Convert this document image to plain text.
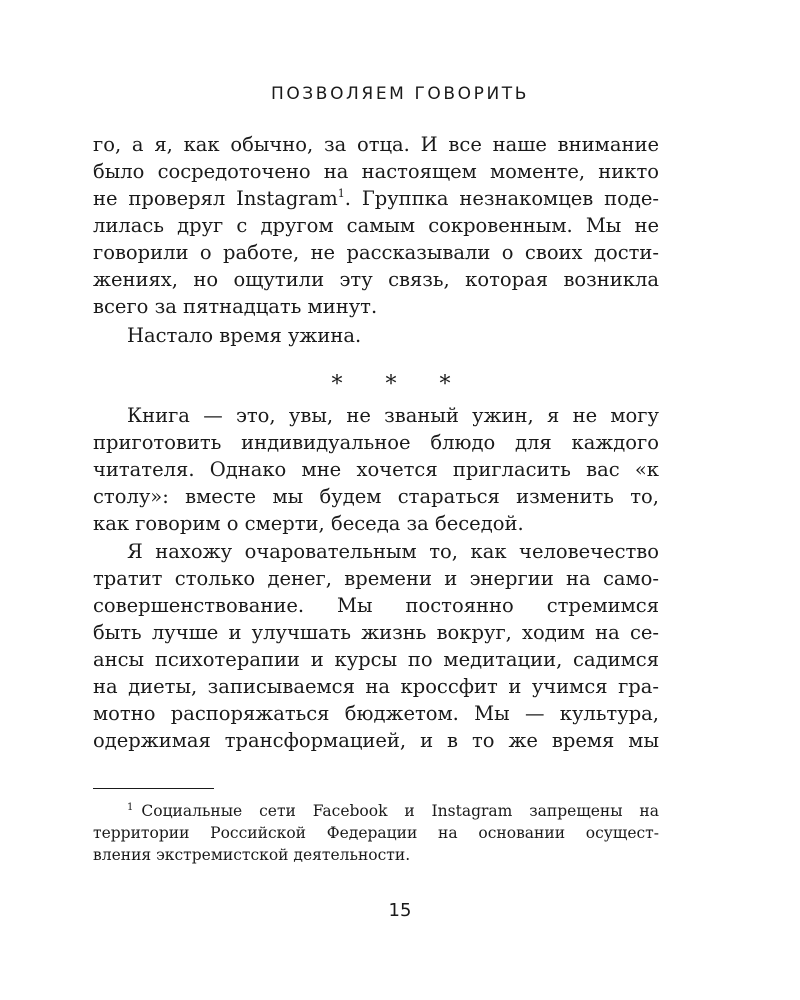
ПОЗВОЛЯЕМ ГОВОРИТЬ
го, а я, как обычно, за отца. И все наше внимание
было сосредоточено на настоящем моменте, никто
не проверял Instagram$^1$. Группка незнакомцев поде-
лилась друг с другом самым сокровенным. Мы не
говорили о работе, не рассказывали о своих дости-
жениях, но ощутили эту связь, которая возникла
всего за пятнадцать минут.
Настало время ужина.
* * *
Книга — это, увы, не званый ужин, я не могу
приготовить индивидуальное блюдо для каждого
читателя. Однако мне хочется пригласить вас «к
столу»: вместе мы будем стараться изменить то,
как говорим о смерти, беседа за беседой.
Я нахожу очаровательным то, как человечество
тратит столько денег, времени и энергии на само-
совершенствование. Мы постоянно стремимся
быть лучше и улучшать жизнь вокруг, ходим на се-
ансы психотерапии и курсы по медитации, садимся
на диеты, записываемся на кроссфит и учимся гра-
мотно распоряжаться бюджетом. Мы — культура,
одержимая трансформацией, и в то же время мы
$^1$ Социальные сети Facebook и Instagram запрещены на
территории Российской Федерации на основании осущест-
вления экстремистской деятельности.
15
